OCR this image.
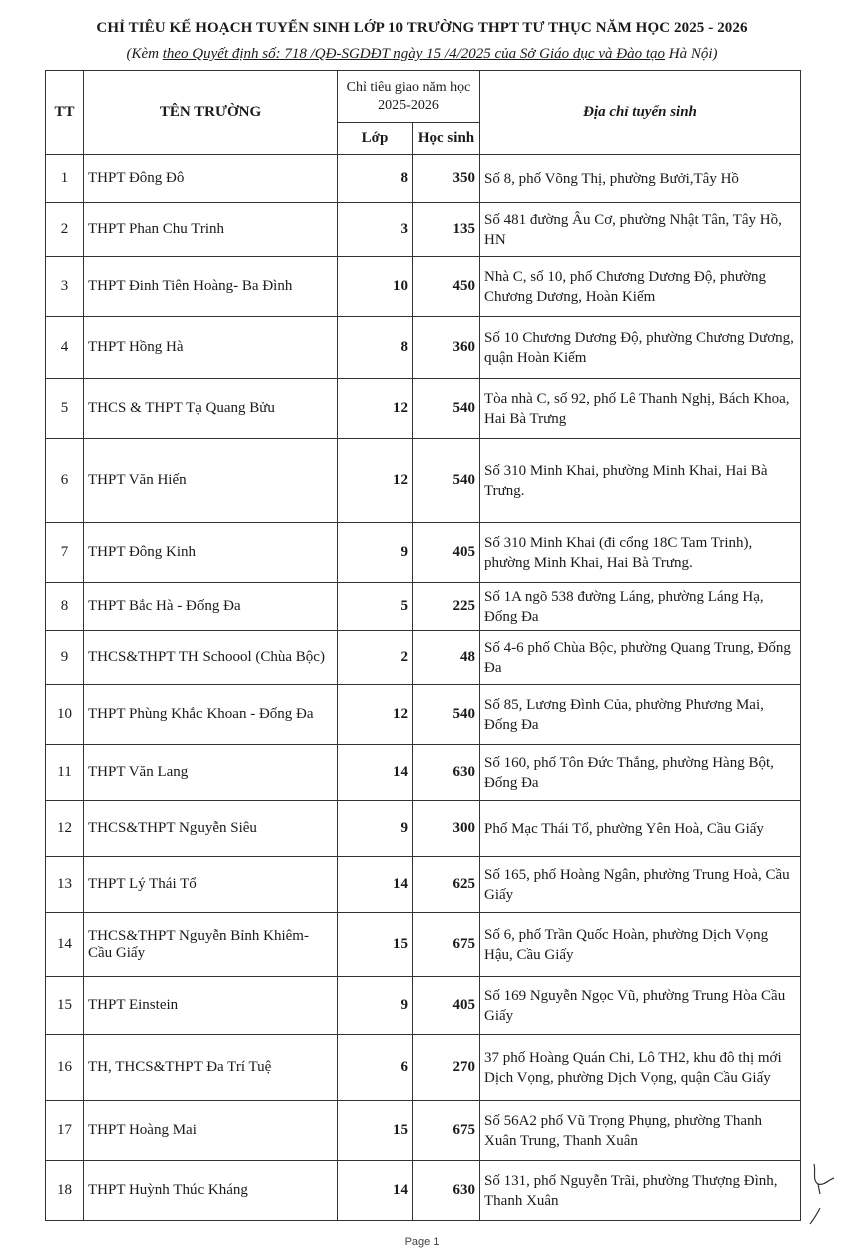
CHỈ TIÊU KẾ HOẠCH TUYỂN SINH LỚP 10 TRƯỜNG THPT TƯ THỤC NĂM HỌC 2025 - 2026
(Kèm theo Quyết định số: 718 /QĐ-SGDĐT ngày 15 /4/2025 của Sở Giáo dục và Đào tạo Hà Nội)
TT	TÊN TRƯỜNG	Chỉ tiêu giao năm học 2025-2026		Địa chỉ tuyển sinh
		Lớp	Học sinh	
1	THPT Đông Đô	8	350	Số 8, phố Võng Thị, phường Bưởi,Tây Hồ
2	THPT Phan Chu Trinh	3	135	Số 481 đường Âu Cơ, phường Nhật Tân, Tây Hồ, HN
3	THPT Đinh Tiên Hoàng- Ba Đình	10	450	Nhà C, số 10, phố Chương Dương Độ, phường Chương Dương, Hoàn Kiếm
4	THPT Hồng Hà	8	360	Số 10 Chương Dương Độ, phường Chương Dương, quận Hoàn Kiếm
5	THCS & THPT Tạ Quang Bửu	12	540	Tòa nhà C, số 92, phố Lê Thanh Nghị, Bách Khoa, Hai Bà Trưng
6	THPT Văn Hiến	12	540	Số 310 Minh Khai, phường Minh Khai, Hai Bà Trưng.
7	THPT Đông Kinh	9	405	Số 310 Minh Khai (đi cổng 18C Tam Trinh), phường Minh Khai, Hai Bà Trưng.
8	THPT Bắc Hà - Đống Đa	5	225	Số 1A ngõ 538 đường Láng, phường Láng Hạ, Đống Đa
9	THCS&THPT TH Schoool (Chùa Bộc)	2	48	Số 4-6 phố Chùa Bộc, phường Quang Trung, Đống Đa
10	THPT Phùng Khắc Khoan - Đống Đa	12	540	Số 85, Lương Đình Của, phường Phương Mai, Đống Đa
11	THPT Văn Lang	14	630	Số 160, phố Tôn Đức Thắng, phường Hàng Bột, Đống Đa
12	THCS&THPT Nguyễn Siêu	9	300	Phố Mạc Thái Tổ, phường Yên Hoà, Cầu Giấy
13	THPT Lý Thái Tổ	14	625	Số 165, phố Hoàng Ngân, phường Trung Hoà, Cầu Giấy
14	THCS&THPT Nguyễn Bỉnh Khiêm-Cầu Giấy	15	675	Số 6, phố Trần Quốc Hoàn, phường Dịch Vọng Hậu, Cầu Giấy
15	THPT Einstein	9	405	Số 169 Nguyễn Ngọc Vũ, phường Trung Hòa Cầu Giấy
16	TH, THCS&THPT Đa Trí Tuệ	6	270	37 phố Hoàng Quán Chi, Lô TH2, khu đô thị mới Dịch Vọng, phường Dịch Vọng, quận Cầu Giấy
17	THPT Hoàng Mai	15	675	Số 56A2 phố Vũ Trọng Phụng, phường Thanh Xuân Trung, Thanh Xuân
18	THPT Huỳnh Thúc Kháng	14	630	Số 131, phố Nguyễn Trãi, phường Thượng Đình, Thanh Xuân
Page 1
